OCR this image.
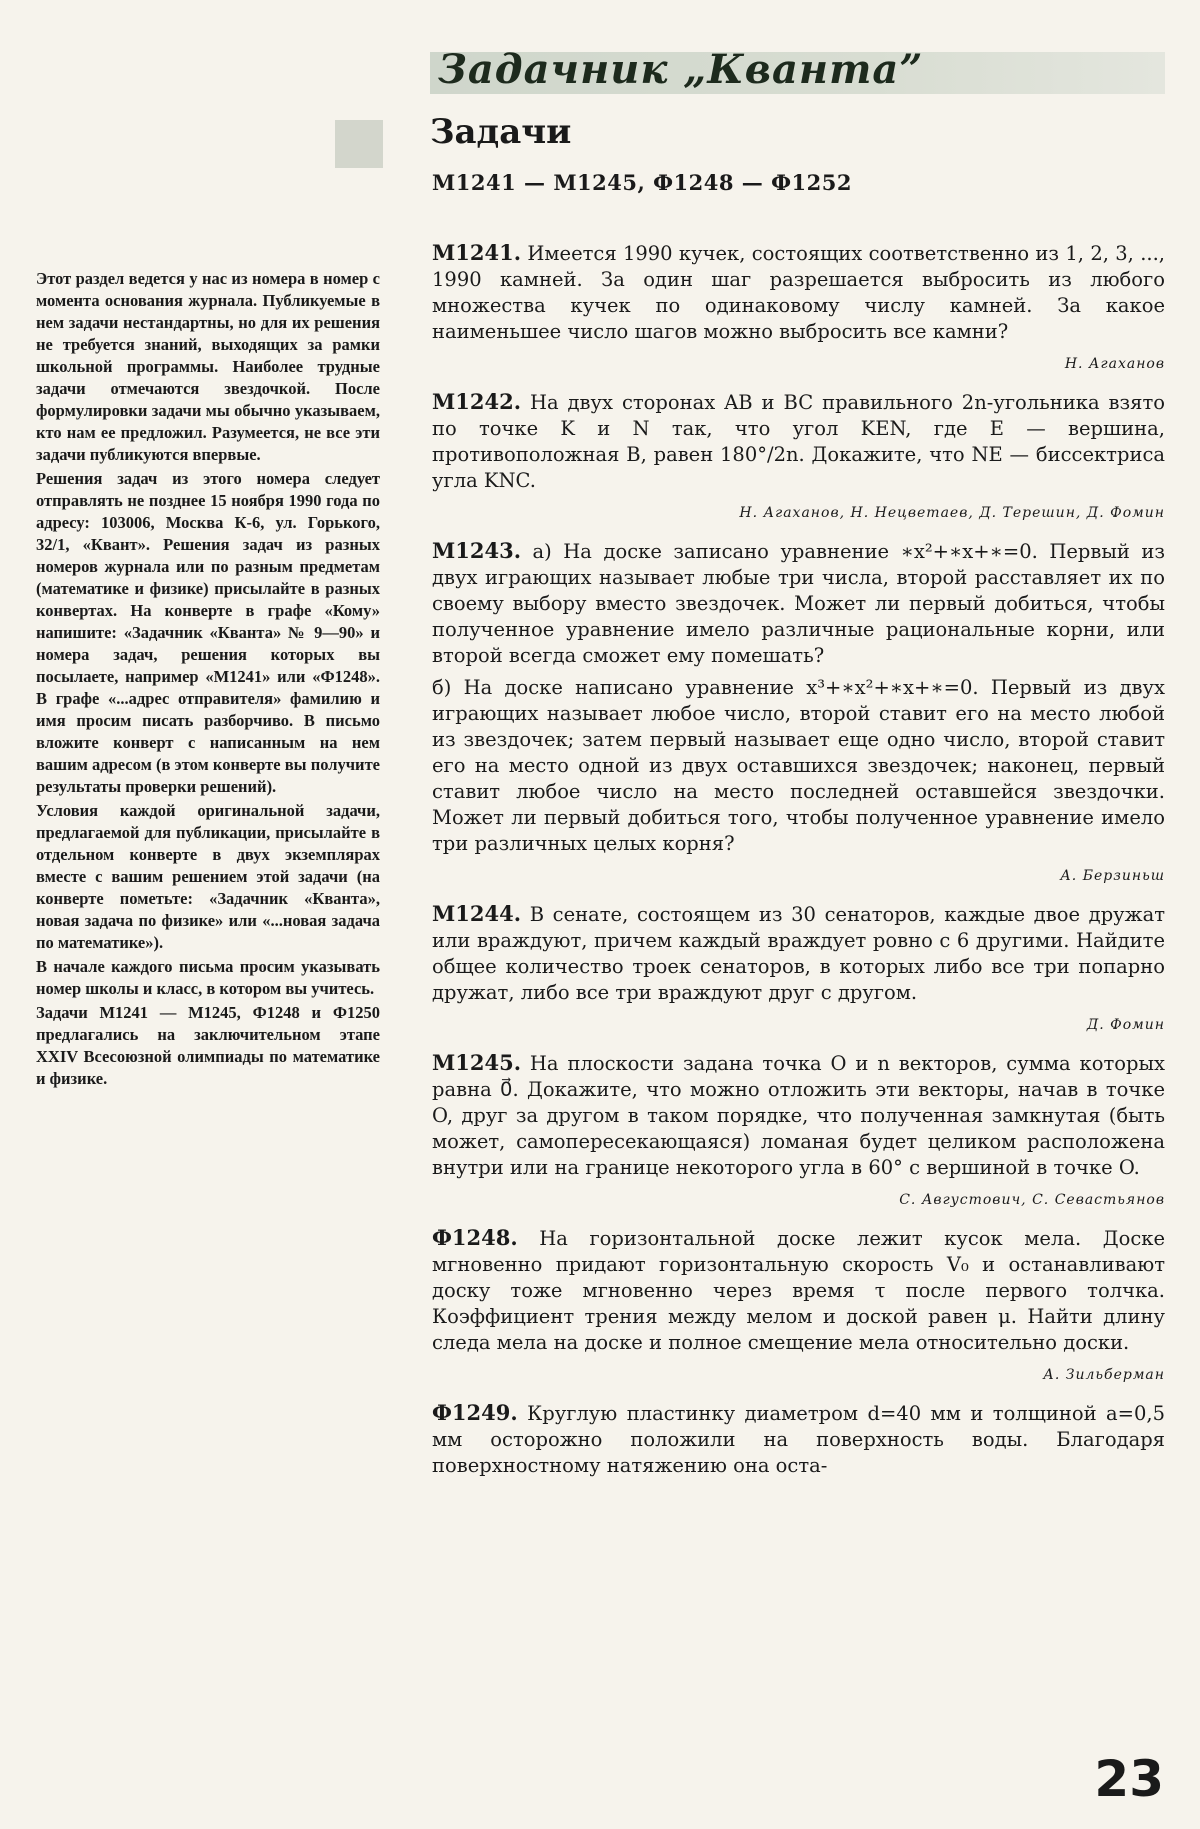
Задачник „Кванта”
Задачи
М1241 — М1245, Ф1248 — Ф1252

Этот раздел ведется у нас из номера в номер с момента основания журнала. Публикуемые в нем задачи нестандартны, но для их решения не требуется знаний, выходящих за рамки школьной программы. Наиболее трудные задачи отмечаются звездочкой. После формулировки задачи мы обычно указываем, кто нам ее предложил. Разумеется, не все эти задачи публикуются впервые.

Решения задач из этого номера следует отправлять не позднее 15 ноября 1990 года по адресу: 103006, Москва К-6, ул. Горького, 32/1, «Квант». Решения задач из разных номеров журнала или по разным предметам (математике и физике) присылайте в разных конвертах. На конверте в графе «Кому» напишите: «Задачник «Кванта» № 9—90» и номера задач, решения которых вы посылаете, например «М1241» или «Ф1248». В графе «...адрес отправителя» фамилию и имя просим писать разборчиво. В письмо вложите конверт с написанным на нем вашим адресом (в этом конверте вы получите результаты проверки решений).

Условия каждой оригинальной задачи, предлагаемой для публикации, присылайте в отдельном конверте в двух экземплярах вместе с вашим решением этой задачи (на конверте пометьте: «Задачник «Кванта», новая задача по физике» или «...новая задача по математике»).

В начале каждого письма просим указывать номер школы и класс, в котором вы учитесь.

Задачи М1241 — М1245, Ф1248 и Ф1250 предлагались на заключительном этапе XXIV Всесоюзной олимпиады по математике и физике.

М1241. Имеется 1990 кучек, состоящих соответственно из 1, 2, 3, ..., 1990 камней. За один шаг разрешается выбросить из любого множества кучек по одинаковому числу камней. За какое наименьшее число шагов можно выбросить все камни?

Н. Агаханов

М1242. На двух сторонах AB и BC правильного 2n-угольника взято по точке K и N так, что угол KEN, где E — вершина, противоположная B, равен 180°/2n. Докажите, что NE — биссектриса угла KNC.

Н. Агаханов, Н. Нецветаев, Д. Терешин, Д. Фомин

М1243. а) На доске записано уравнение ∗x²+∗x+∗=0. Первый из двух играющих называет любые три числа, второй расставляет их по своему выбору вместо звездочек. Может ли первый добиться, чтобы полученное уравнение имело различные рациональные корни, или второй всегда сможет ему помешать?

б) На доске написано уравнение x³+∗x²+∗x+∗=0. Первый из двух играющих называет любое число, второй ставит его на место любой из звездочек; затем первый называет еще одно число, второй ставит его на место одной из двух оставшихся звездочек; наконец, первый ставит любое число на место последней оставшейся звездочки. Может ли первый добиться того, чтобы полученное уравнение имело три различных целых корня?

А. Берзиньш

М1244. В сенате, состоящем из 30 сенаторов, каждые двое дружат или враждуют, причем каждый враждует ровно с 6 другими. Найдите общее количество троек сенаторов, в которых либо все три попарно дружат, либо все три враждуют друг с другом.

Д. Фомин

М1245. На плоскости задана точка O и n векторов, сумма которых равна 0⃗. Докажите, что можно отложить эти векторы, начав в точке O, друг за другом в таком порядке, что полученная замкнутая (быть может, самопересекающаяся) ломаная будет целиком расположена внутри или на границе некоторого угла в 60° с вершиной в точке O.

С. Августович, С. Севастьянов

Ф1248. На горизонтальной доске лежит кусок мела. Доске мгновенно придают горизонтальную скорость V₀ и останавливают доску тоже мгновенно через время τ после первого толчка. Коэффициент трения между мелом и доской равен μ. Найти длину следа мела на доске и полное смещение мела относительно доски.

А. Зильберман

Ф1249. Круглую пластинку диаметром d=40 мм и толщиной a=0,5 мм осторожно положили на поверхность воды. Благодаря поверхностному натяжению она оста-

23
